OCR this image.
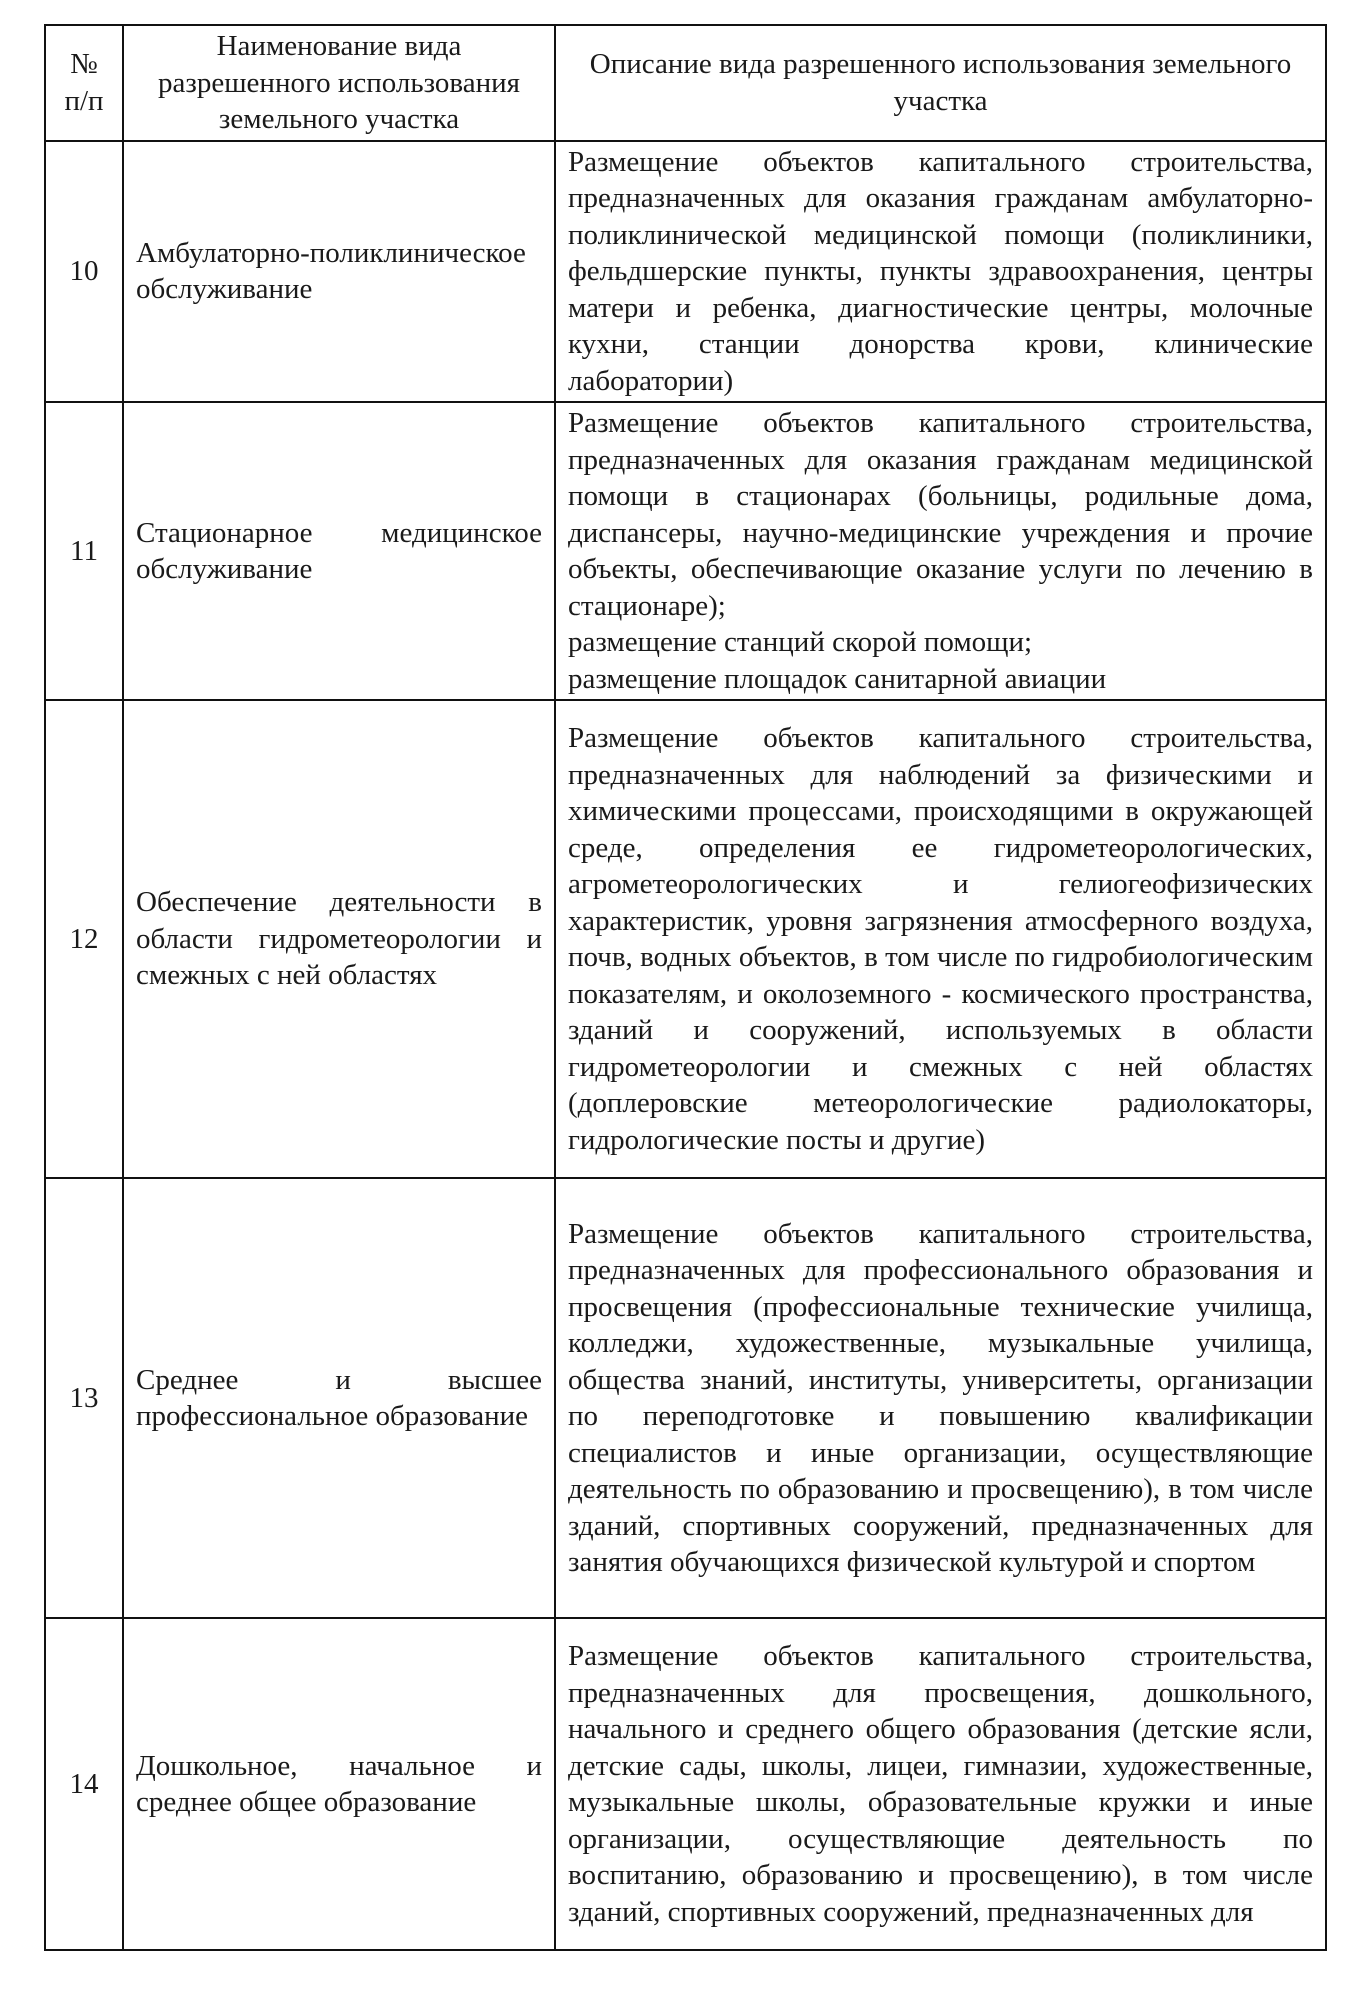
№ п/п	Наименование вида разрешенного использования земельного участка	Описание вида разрешенного использования земельного участка
10	Амбулаторно-поликлиническое обслуживание	Размещение объектов капитального строительства, предназначенных для оказания гражданам амбулаторно-поликлинической медицинской помощи (поликлиники, фельдшерские пункты, пункты здравоохранения, центры матери и ребенка, диагностические центры, молочные кухни, станции донорства крови, клинические лаборатории)

11	Стационарное медицинское обслуживание	Размещение объектов капитального строительства, предназначенных для оказания гражданам медицинской помощи в стационарах (больницы, родильные дома, диспансеры, научно-медицинские учреждения и прочие объекты, обеспечивающие оказание услуги по лечению в стационаре);

размещение станций скорой помощи;

размещение площадок санитарной авиации

12	Обеспечение деятельности в области гидрометеорологии и смежных с ней областях	Размещение объектов капитального строительства, предназначенных для наблюдений за физическими и химическими процессами, происходящими в окружающей среде, определения ее гидрометеорологических, агрометеорологических и гелиогеофизических характеристик, уровня загрязнения атмосферного воздуха, почв, водных объектов, в том числе по гидробиологическим показателям, и околоземного - космического пространства, зданий и сооружений, используемых в области гидрометеорологии и смежных с ней областях (доплеровские метеорологические радиолокаторы, гидрологические посты и другие)

13	Среднее и высшее профессиональное образование	Размещение объектов капитального строительства, предназначенных для профессионального образования и просвещения (профессиональные технические училища, колледжи, художественные, музыкальные училища, общества знаний, институты, университеты, организации по переподготовке и повышению квалификации специалистов и иные организации, осуществляющие деятельность по образованию и просвещению), в том числе зданий, спортивных сооружений, предназначенных для занятия обучающихся физической культурой и спортом

14	Дошкольное, начальное и среднее общее образование	Размещение объектов капитального строительства, предназначенных для просвещения, дошкольного, начального и среднего общего образования (детские ясли, детские сады, школы, лицеи, гимназии, художественные, музыкальные школы, образовательные кружки и иные организации, осуществляющие деятельность по воспитанию, образованию и просвещению), в том числе зданий, спортивных сооружений, предназначенных для
